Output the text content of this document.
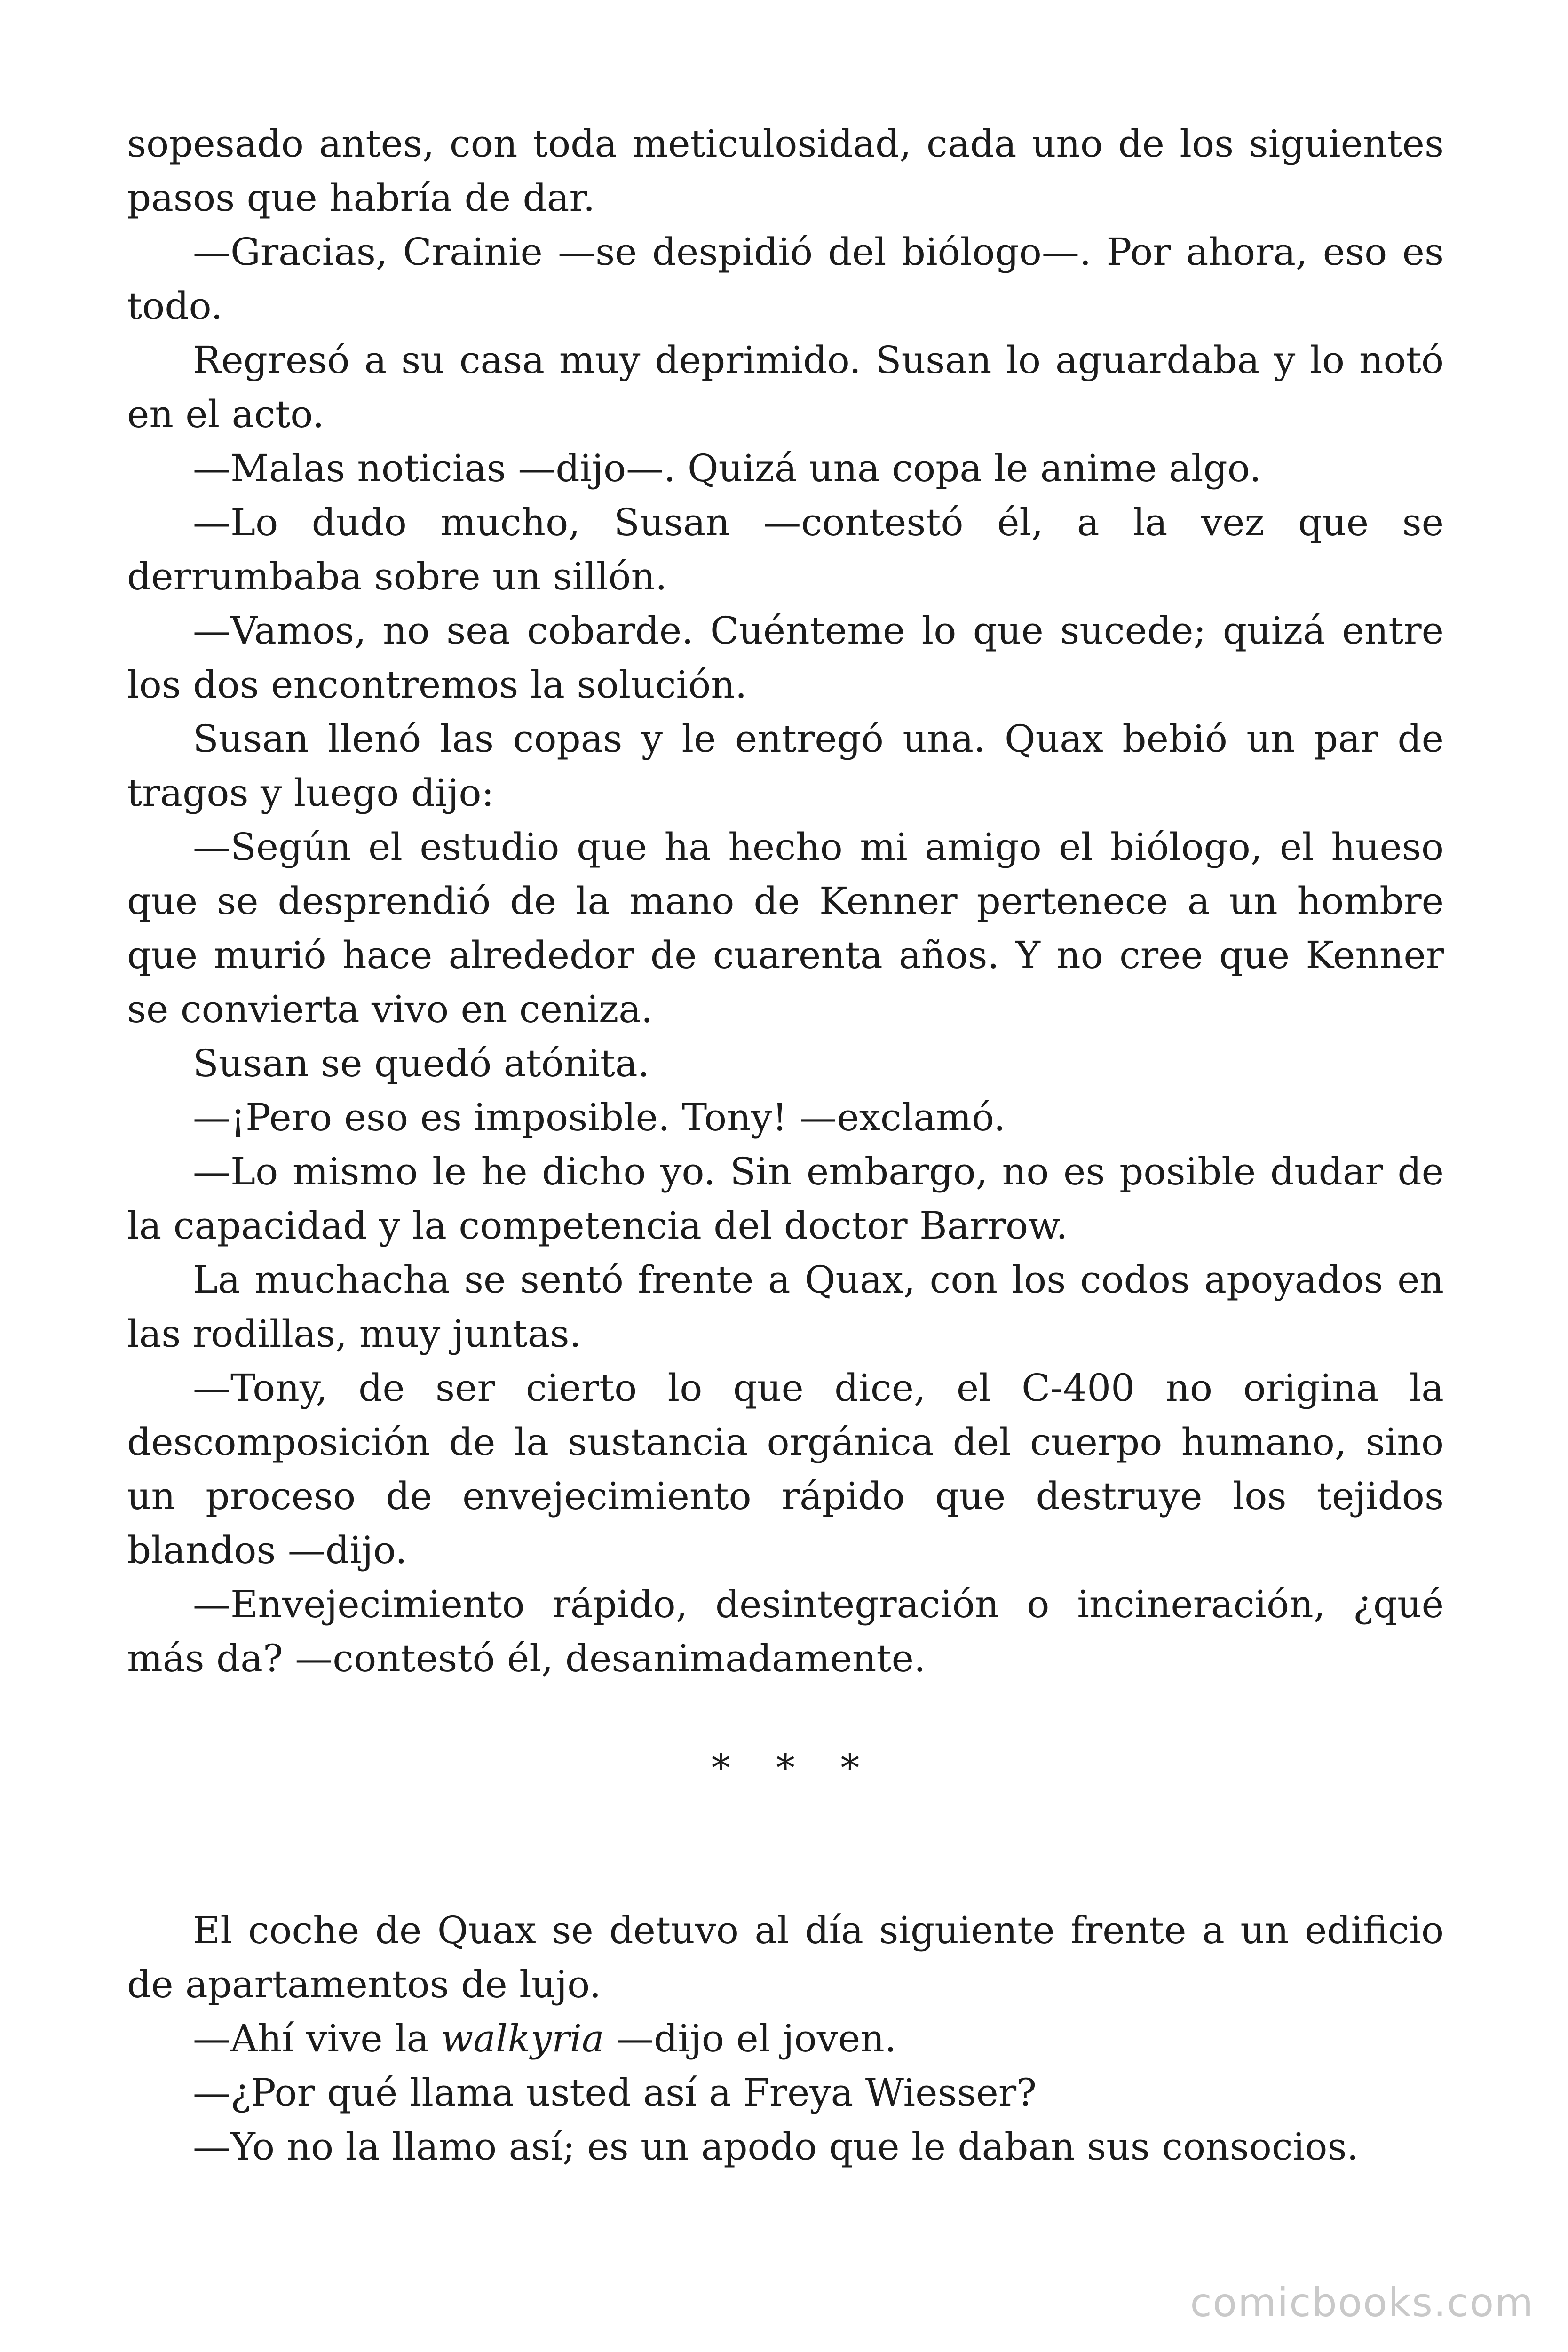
sopesado antes, con toda meticulosidad, cada uno de los siguientes pasos que habría de dar.

—Gracias, Crainie —se despidió del biólogo—. Por ahora, eso es todo.

Regresó a su casa muy deprimido. Susan lo aguardaba y lo notó en el acto.

—Malas noticias —dijo—. Quizá una copa le anime algo.

—Lo dudo mucho, Susan —contestó él, a la vez que se derrumbaba sobre un sillón.

—Vamos, no sea cobarde. Cuénteme lo que sucede; quizá entre los dos encontremos la solución.

Susan llenó las copas y le entregó una. Quax bebió un par de tragos y luego dijo:

—Según el estudio que ha hecho mi amigo el biólogo, el hueso que se desprendió de la mano de Kenner pertenece a un hombre que murió hace alrededor de cuarenta años. Y no cree que Kenner se convierta vivo en ceniza.

Susan se quedó atónita.

—¡Pero eso es imposible. Tony! —exclamó.

—Lo mismo le he dicho yo. Sin embargo, no es posible dudar de la capacidad y la competencia del doctor Barrow.

La muchacha se sentó frente a Quax, con los codos apoyados en las rodillas, muy juntas.

—Tony, de ser cierto lo que dice, el C-400 no origina la descomposición de la sustancia orgánica del cuerpo humano, sino un proceso de envejecimiento rápido que destruye los tejidos blandos —dijo.

—Envejecimiento rápido, desintegración o incineración, ¿qué más da? —contestó él, desanimadamente.

* * *

El coche de Quax se detuvo al día siguiente frente a un edificio de apartamentos de lujo.

—Ahí vive la walkyria —dijo el joven.

—¿Por qué llama usted así a Freya Wiesser?

—Yo no la llamo así; es un apodo que le daban sus consocios.

comicbooks.com
